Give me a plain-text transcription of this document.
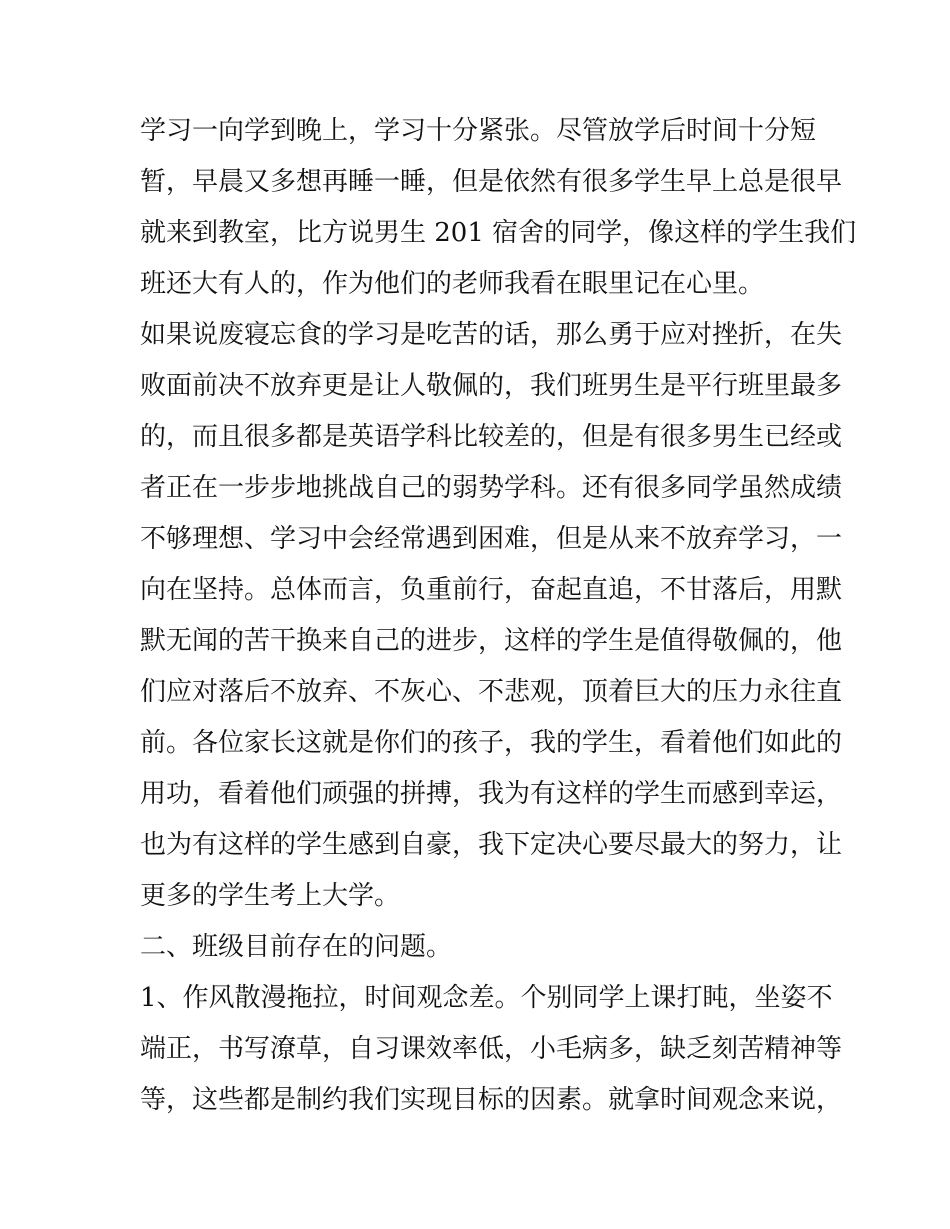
学习一向学到晚上，学习十分紧张。尽管放学后时间十分短
暂，早晨又多想再睡一睡，但是依然有很多学生早上总是很早
就来到教室，比方说男生 201 宿舍的同学，像这样的学生我们
班还大有人的，作为他们的老师我看在眼里记在心里。
如果说废寝忘食的学习是吃苦的话，那么勇于应对挫折，在失
败面前决不放弃更是让人敬佩的，我们班男生是平行班里最多
的，而且很多都是英语学科比较差的，但是有很多男生已经或
者正在一步步地挑战自己的弱势学科。还有很多同学虽然成绩
不够理想、学习中会经常遇到困难，但是从来不放弃学习，一
向在坚持。总体而言，负重前行，奋起直追，不甘落后，用默
默无闻的苦干换来自己的进步，这样的学生是值得敬佩的，他
们应对落后不放弃、不灰心、不悲观，顶着巨大的压力永往直
前。各位家长这就是你们的孩子，我的学生，看着他们如此的
用功，看着他们顽强的拼搏，我为有这样的学生而感到幸运，
也为有这样的学生感到自豪，我下定决心要尽最大的努力，让
更多的学生考上大学。
二、班级目前存在的问题。
1、作风散漫拖拉，时间观念差。个别同学上课打盹，坐姿不
端正，书写潦草，自习课效率低，小毛病多，缺乏刻苦精神等
等，这些都是制约我们实现目标的因素。就拿时间观念来说，
